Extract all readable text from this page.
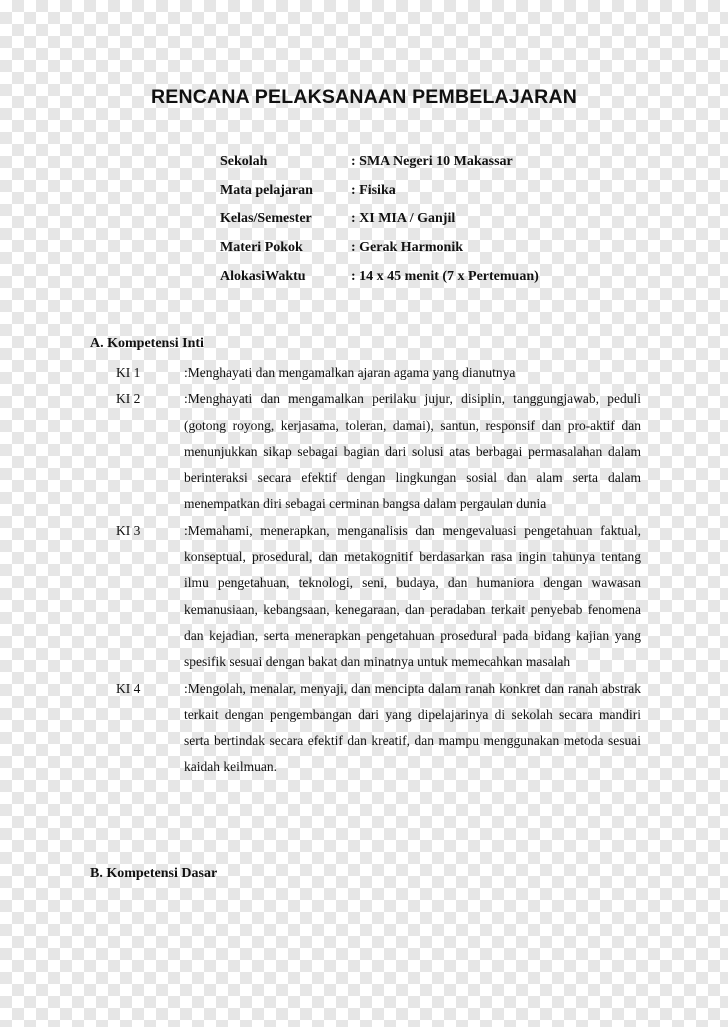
RENCANA PELAKSANAAN PEMBELAJARAN
Sekolah	: SMA Negeri 10 Makassar
Mata pelajaran	: Fisika
Kelas/Semester	: XI MIA / Ganjil
Materi Pokok	: Gerak Harmonik
AlokasiWaktu	: 14 x 45 menit (7 x Pertemuan)
A. Kompetensi Inti
KI 1	:Menghayati dan mengamalkan ajaran agama yang dianutnya
KI 2	:Menghayati dan mengamalkan perilaku jujur, disiplin, tanggungjawab, peduli (gotong royong, kerjasama, toleran, damai), santun, responsif dan pro-aktif dan menunjukkan sikap sebagai bagian dari solusi atas berbagai permasalahan dalam berinteraksi secara efektif dengan lingkungan sosial dan alam serta dalam menempatkan diri sebagai cerminan bangsa dalam pergaulan dunia
KI 3	:Memahami, menerapkan, menganalisis dan mengevaluasi pengetahuan faktual, konseptual, prosedural, dan metakognitif berdasarkan rasa ingin tahunya tentang ilmu pengetahuan, teknologi, seni, budaya, dan humaniora dengan wawasan kemanusiaan, kebangsaan, kenegaraan, dan peradaban terkait penyebab fenomena dan kejadian, serta menerapkan pengetahuan prosedural pada bidang kajian yang spesifik sesuai dengan bakat dan minatnya untuk memecahkan masalah
KI 4	:Mengolah, menalar, menyaji, dan mencipta dalam ranah konkret dan ranah abstrak terkait dengan pengembangan dari yang dipelajarinya di sekolah secara mandiri serta bertindak secara efektif dan kreatif, dan mampu menggunakan metoda sesuai kaidah keilmuan.
B. Kompetensi Dasar
